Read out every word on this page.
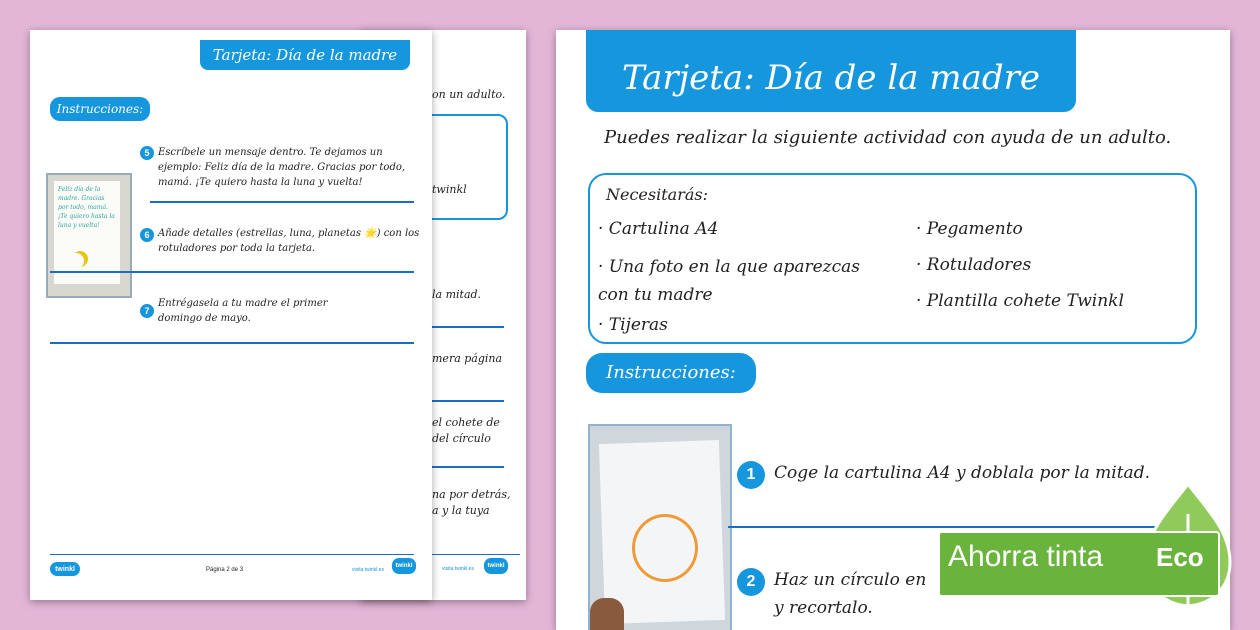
on un adulto.
twinkl
la mitad.
mera página
el cohete de
del círculo
na por detrás,
a y la tuya
visita twinkl.es	twinkl
Tarjeta: Día de la madre
Instrucciones:
Feliz día de la madre. Gracias por todo, mamá. ¡Te quiero hasta la luna y vuelta!
5 Escríbele un mensaje dentro. Te dejamos un ejemplo: Feliz día de la madre. Gracias por todo, mamá. ¡Te quiero hasta la luna y vuelta!
6 Añade detalles (estrellas, luna, planetas 🌟) con los rotuladores por toda la tarjeta.
7
Entrégasela a tu madre el primer domingo de mayo.
twinkl	Página 2 de 3	visita twinkl.es
twinkl
Tarjeta: Día de la madre
Puedes realizar la siguiente actividad con ayuda de un adulto.
Necesitarás:
· Cartulina A4
· Una foto en la que aparezcas con tu madre
· Tijeras
· Pegamento
· Rotuladores
· Plantilla cohete Twinkl
Instrucciones:
1	Coge la cartulina A4 y doblala por la mitad.
2	Haz un círculo en
y recortalo.
Ahorra tinta Eco
